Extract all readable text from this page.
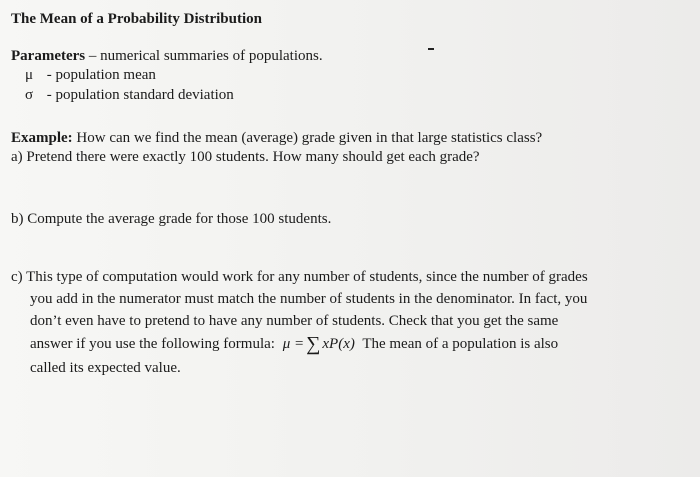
The Mean of a Probability Distribution
Parameters – numerical summaries of populations.
μ - population mean
σ - population standard deviation
Example: How can we find the mean (average) grade given in that large statistics class?
a) Pretend there were exactly 100 students. How many should get each grade?
b) Compute the average grade for those 100 students.
c) This type of computation would work for any number of students, since the number of grades
you add in the numerator must match the number of students in the denominator. In fact, you
don’t even have to pretend to have any number of students. Check that you get the same
answer if you use the following formula: μ = ∑ xP(x) The mean of a population is also
called its expected value.
